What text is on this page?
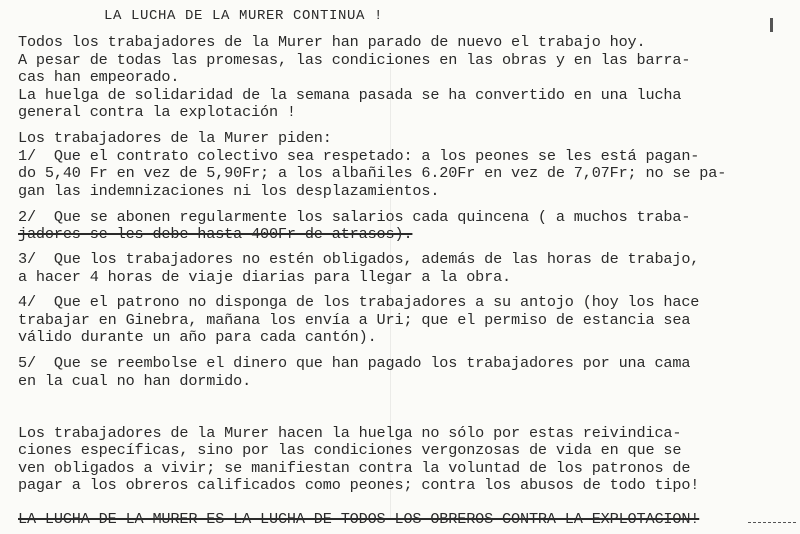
LA LUCHA DE LA MURER CONTINUA !
Todos los trabajadores de la Murer han parado de nuevo el trabajo hoy.
A pesar de todas las promesas, las condiciones en las obras y en las barra-
cas han empeorado.
La huelga de solidaridad de la semana pasada se ha convertido en una lucha
general contra la explotación !
Los trabajadores de la Murer piden:
1/  Que el contrato colectivo sea respetado: a los peones se les está pagan-
do 5,40 Fr en vez de 5,90Fr; a los albañiles 6.20Fr en vez de 7,07Fr; no se pa-
gan las indemnizaciones ni los desplazamientos.
2/  Que se abonen regularmente los salarios cada quincena ( a muchos traba-
jadores se les debe hasta 400Fr de atrasos).
3/  Que los trabajadores no estén obligados, además de las horas de trabajo,
a hacer 4 horas de viaje diarias para llegar a la obra.
4/  Que el patrono no disponga de los trabajadores a su antojo (hoy los hace
trabajar en Ginebra, mañana los envía a Uri; que el permiso de estancia sea
válido durante un año para cada cantón).
5/  Que se reembolse el dinero que han pagado los trabajadores por una cama
en la cual no han dormido.
Los trabajadores de la Murer hacen la huelga no sólo por estas reivindica-
ciones específicas, sino por las condiciones vergonzosas de vida en que se
ven obligados a vivir; se manifiestan contra la voluntad de los patronos de
pagar a los obreros calificados como peones; contra los abusos de todo tipo!
LA LUCHA DE LA MURER ES LA LUCHA DE TODOS LOS OBREROS CONTRA LA EXPLOTACION!
